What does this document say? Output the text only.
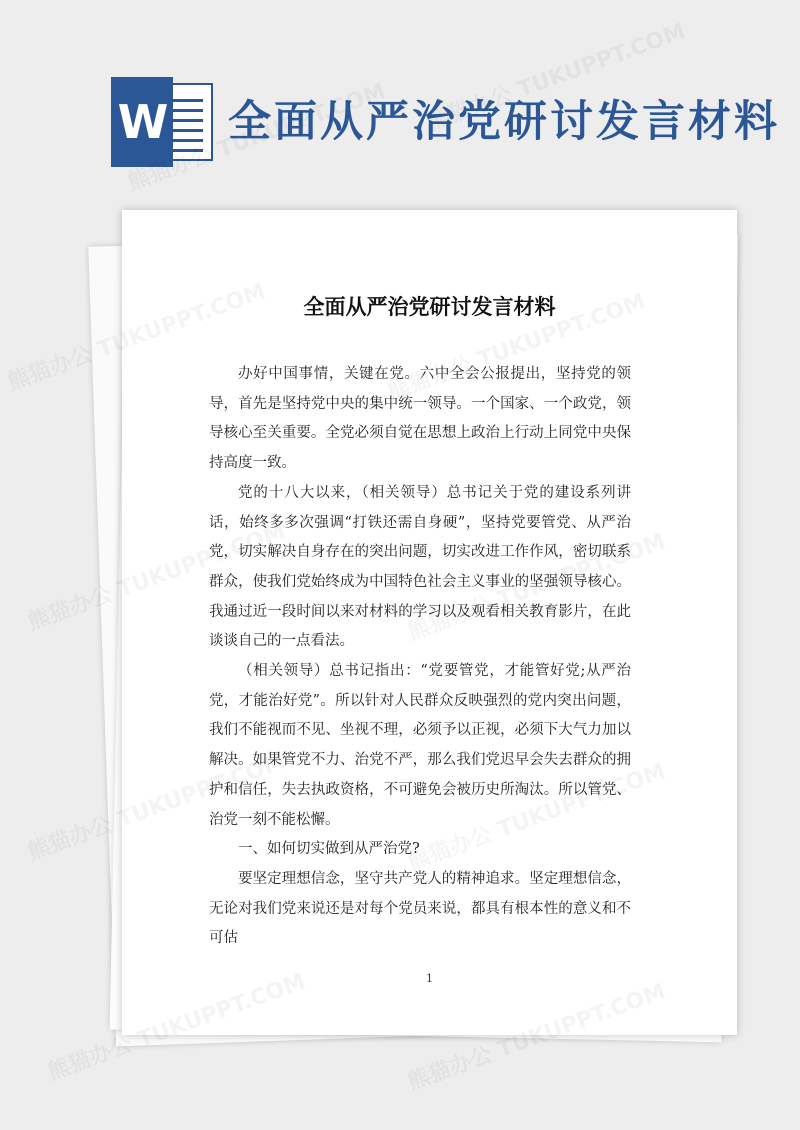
W 全面从严治党研讨发言材料
全面从严治党研讨发言材料

办好中国事情，关键在党。六中全会公报提出，坚持党的领导，首先是坚持党中央的集中统一领导。一个国家、一个政党，领导核心至关重要。全党必须自觉在思想上政治上行动上同党中央保持高度一致。

党的十八大以来，（相关领导）总书记关于党的建设系列讲话，始终多多次强调“打铁还需自身硬”，坚持党要管党、从严治党，切实解决自身存在的突出问题，切实改进工作作风，密切联系群众，使我们党始终成为中国特色社会主义事业的坚强领导核心。我通过近一段时间以来对材料的学习以及观看相关教育影片，在此谈谈自己的一点看法。

（相关领导）总书记指出：“党要管党，才能管好党;从严治党，才能治好党”。所以针对人民群众反映强烈的党内突出问题，我们不能视而不见、坐视不理，必须予以正视，必须下大气力加以解决。如果管党不力、治党不严，那么我们党迟早会失去群众的拥护和信任，失去执政资格，不可避免会被历史所淘汰。所以管党、治党一刻不能松懈。

一、如何切实做到从严治党?

要坚定理想信念，坚守共产党人的精神追求。坚定理想信念，无论对我们党来说还是对每个党员来说，都具有根本性的意义和不可估

1
